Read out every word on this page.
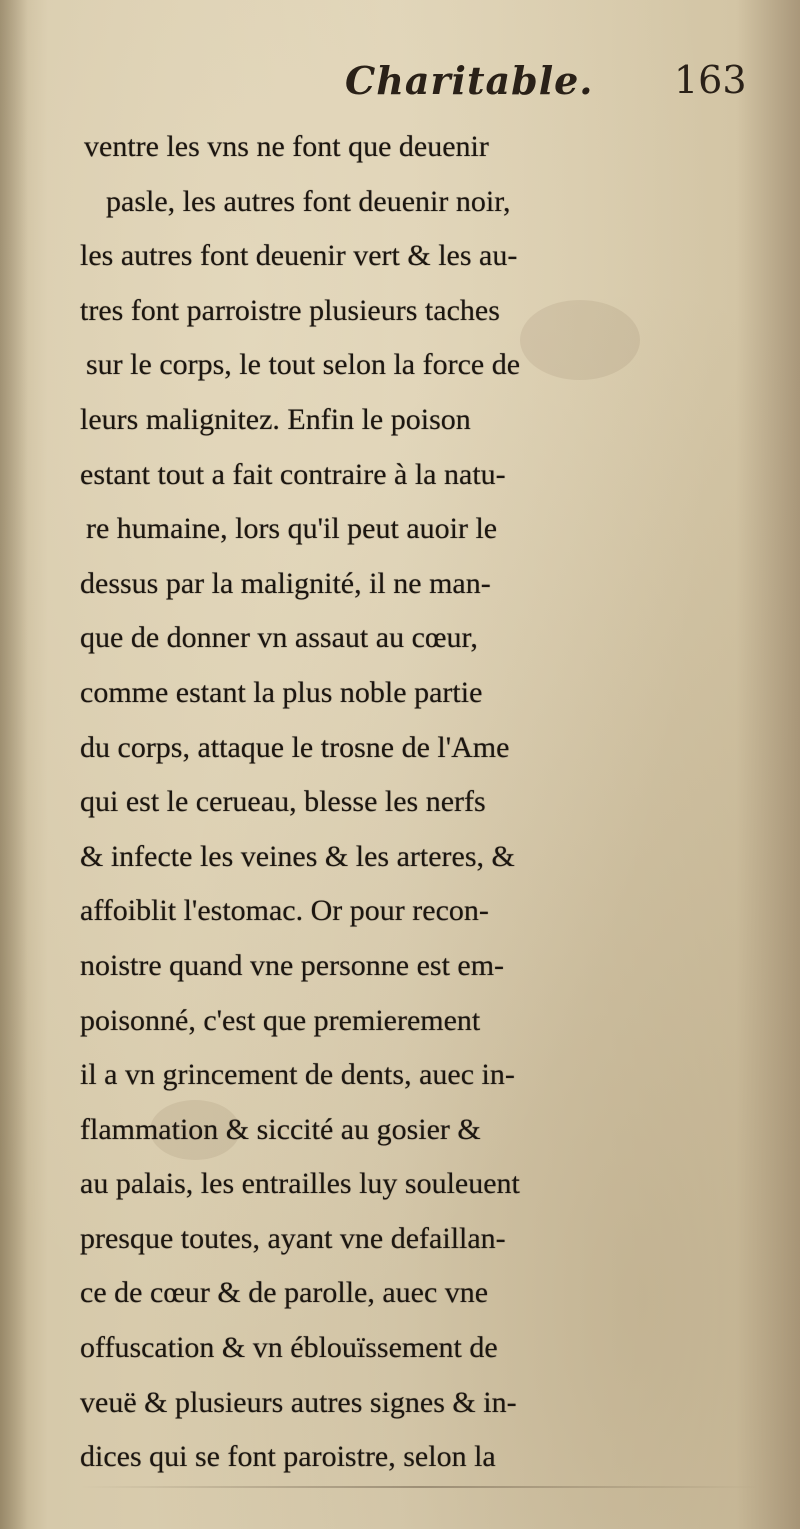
Charitable. 163
ventre les vns ne font que deuenir
pasle, les autres font deuenir noir,
les autres font deuenir vert & les au-
tres font parroistre plusieurs taches
sur le corps, le tout selon la force de
leurs malignitez. Enfin le poison
estant tout a fait contraire à la natu-
re humaine, lors qu'il peut auoir le
dessus par la malignité, il ne man-
que de donner vn assaut au cœur,
comme estant la plus noble partie
du corps, attaque le trosne de l'Ame
qui est le cerueau, blesse les nerfs
& infecte les veines & les arteres, &
affoiblit l'estomac. Or pour recon-
noistre quand vne personne est em-
poisonné, c'est que premierement
il a vn grincement de dents, auec in-
flammation & siccité au gosier &
au palais, les entrailles luy souleuent
presque toutes, ayant vne defaillan-
ce de cœur & de parolle, auec vne
offuscation & vn éblouïssement de
veuë & plusieurs autres signes & in-
dices qui se font paroistre, selon la
